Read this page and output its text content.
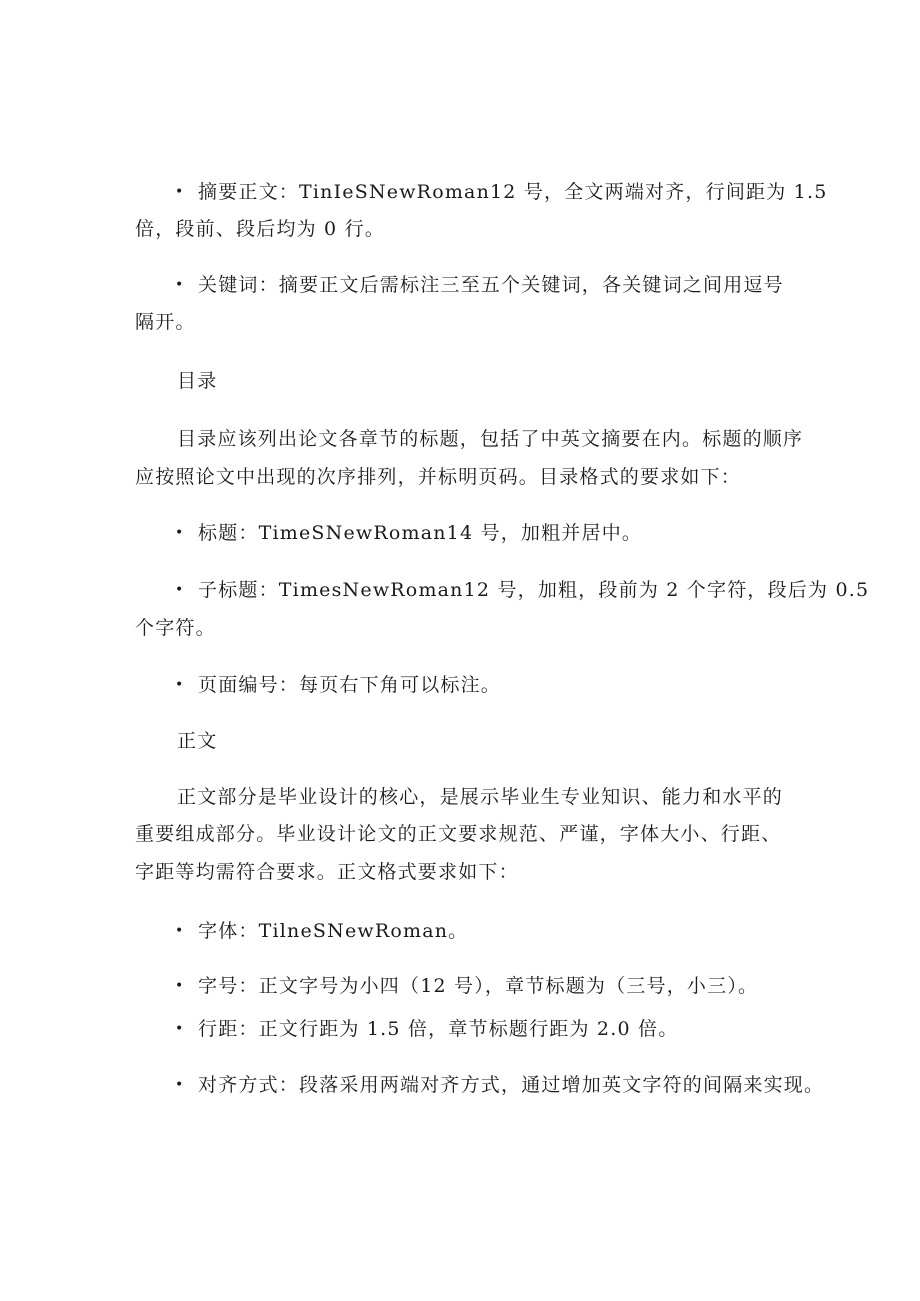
• 摘要正文：TinIeSNewRoman12 号，全文两端对齐，行间距为 1.5
倍，段前、段后均为 0 行。
• 关键词：摘要正文后需标注三至五个关键词，各关键词之间用逗号
隔开。
目录
目录应该列出论文各章节的标题，包括了中英文摘要在内。标题的顺序
应按照论文中出现的次序排列，并标明页码。目录格式的要求如下：
• 标题：TimeSNewRoman14 号，加粗并居中。
• 子标题：TimesNewRoman12 号，加粗，段前为 2 个字符，段后为 0.5
个字符。
• 页面编号：每页右下角可以标注。
正文
正文部分是毕业设计的核心，是展示毕业生专业知识、能力和水平的
重要组成部分。毕业设计论文的正文要求规范、严谨，字体大小、行距、
字距等均需符合要求。正文格式要求如下：
• 字体：TilneSNewRoman。
• 字号：正文字号为小四（12 号），章节标题为（三号，小三）。
• 行距：正文行距为 1.5 倍，章节标题行距为 2.0 倍。
• 对齐方式：段落采用两端对齐方式，通过增加英文字符的间隔来实现。
